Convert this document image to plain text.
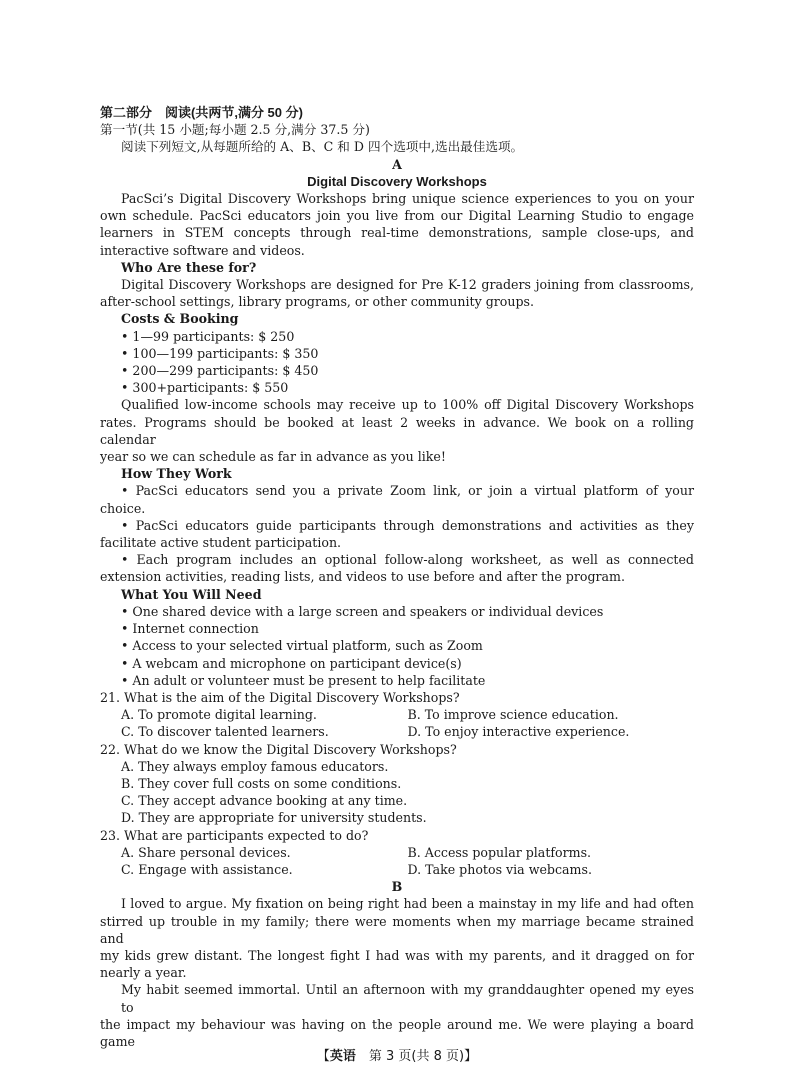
第二部分　阅读(共两节,满分 50 分)
第一节(共 15 小题;每小题 2.5 分,满分 37.5 分)
阅读下列短文,从每题所给的 A、B、C 和 D 四个选项中,选出最佳选项。
A
Digital Discovery Workshops
PacSci’s Digital Discovery Workshops bring unique science experiences to you on your
own schedule. PacSci educators join you live from our Digital Learning Studio to engage
learners in STEM concepts through real-time demonstrations, sample close-ups, and
interactive software and videos.
Who Are these for?
Digital Discovery Workshops are designed for Pre K-12 graders joining from classrooms,
after-school settings, library programs, or other community groups.
Costs & Booking
• 1—99 participants: $ 250
• 100—199 participants: $ 350
• 200—299 participants: $ 450
• 300+participants: $ 550
Qualified low-income schools may receive up to 100% off Digital Discovery Workshops
rates. Programs should be booked at least 2 weeks in advance. We book on a rolling calendar
year so we can schedule as far in advance as you like!
How They Work
• PacSci educators send you a private Zoom link, or join a virtual platform of your
choice.
• PacSci educators guide participants through demonstrations and activities as they
facilitate active student participation.
• Each program includes an optional follow-along worksheet, as well as connected
extension activities, reading lists, and videos to use before and after the program.
What You Will Need
• One shared device with a large screen and speakers or individual devices
• Internet connection
• Access to your selected virtual platform, such as Zoom
• A webcam and microphone on participant device(s)
• An adult or volunteer must be present to help facilitate
21. What is the aim of the Digital Discovery Workshops?
A. To promote digital learning.	B. To improve science education.
C. To discover talented learners.	D. To enjoy interactive experience.
22. What do we know the Digital Discovery Workshops?
A. They always employ famous educators.
B. They cover full costs on some conditions.
C. They accept advance booking at any time.
D. They are appropriate for university students.
23. What are participants expected to do?
A. Share personal devices.	B. Access popular platforms.
C. Engage with assistance.	D. Take photos via webcams.
B
I loved to argue. My fixation on being right had been a mainstay in my life and had often
stirred up trouble in my family; there were moments when my marriage became strained and
my kids grew distant. The longest fight I had was with my parents, and it dragged on for
nearly a year.
My habit seemed immortal. Until an afternoon with my granddaughter opened my eyes to
the impact my behaviour was having on the people around me. We were playing a board game
【英语　第 3 页(共 8 页)】
